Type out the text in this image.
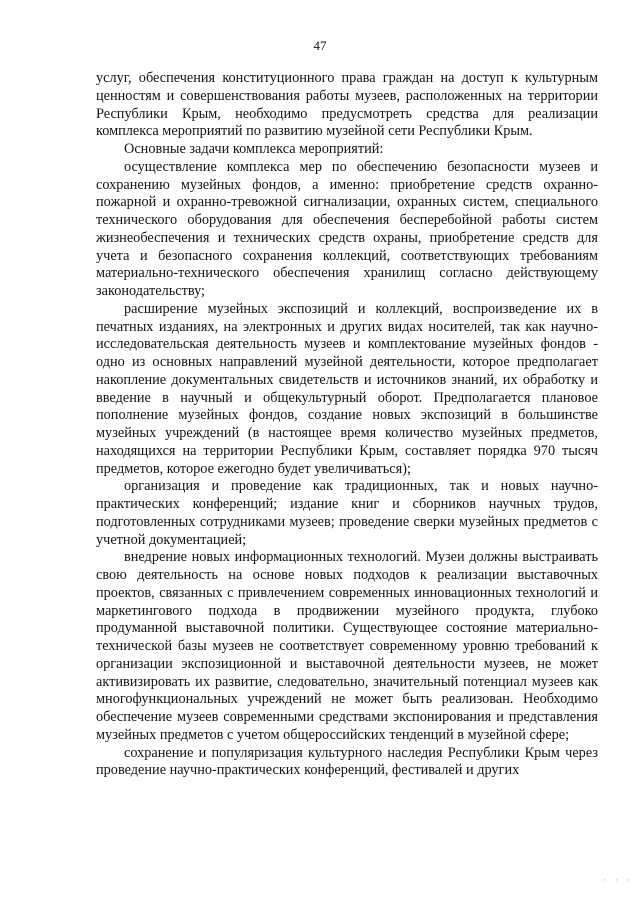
47

услуг, обеспечения конституционного права граждан на доступ к культурным ценностям и совершенствования работы музеев, расположенных на территории Республики Крым, необходимо предусмотреть средства для реализации комплекса мероприятий по развитию музейной сети Республики Крым.

Основные задачи комплекса мероприятий:

осуществление комплекса мер по обеспечению безопасности музеев и сохранению музейных фондов, а именно: приобретение средств охранно-пожарной и охранно-тревожной сигнализации, охранных систем, специального технического оборудования для обеспечения бесперебойной работы систем жизнеобеспечения и технических средств охраны, приобретение средств для учета и безопасного сохранения коллекций, соответствующих требованиям материально-технического обеспечения хранилищ согласно действующему законодательству;

расширение музейных экспозиций и коллекций, воспроизведение их в печатных изданиях, на электронных и других видах носителей, так как научно-исследовательская деятельность музеев и комплектование музейных фондов - одно из основных направлений музейной деятельности, которое предполагает накопление документальных свидетельств и источников знаний, их обработку и введение в научный и общекультурный оборот. Предполагается плановое пополнение музейных фондов, создание новых экспозиций в большинстве музейных учреждений (в настоящее время количество музейных предметов, находящихся на территории Республики Крым, составляет порядка 970 тысяч предметов, которое ежегодно будет увеличиваться);

организация и проведение как традиционных, так и новых научно-практических конференций; издание книг и сборников научных трудов, подготовленных сотрудниками музеев; проведение сверки музейных предметов с учетной документацией;

внедрение новых информационных технологий. Музеи должны выстраивать свою деятельность на основе новых подходов к реализации выставочных проектов, связанных с привлечением современных инновационных технологий и маркетингового подхода в продвижении музейного продукта, глубоко продуманной выставочной политики. Существующее состояние материально-технической базы музеев не соответствует современному уровню требований к организации экспозиционной и выставочной деятельности музеев, не может активизировать их развитие, следовательно, значительный потенциал музеев как многофункциональных учреждений не может быть реализован. Необходимо обеспечение музеев современными средствами экспонирования и представления музейных предметов с учетом общероссийских тенденций в музейной сфере;

сохранение и популяризация культурного наследия Республики Крым через проведение научно-практических конференций, фестивалей и других

· · ·
